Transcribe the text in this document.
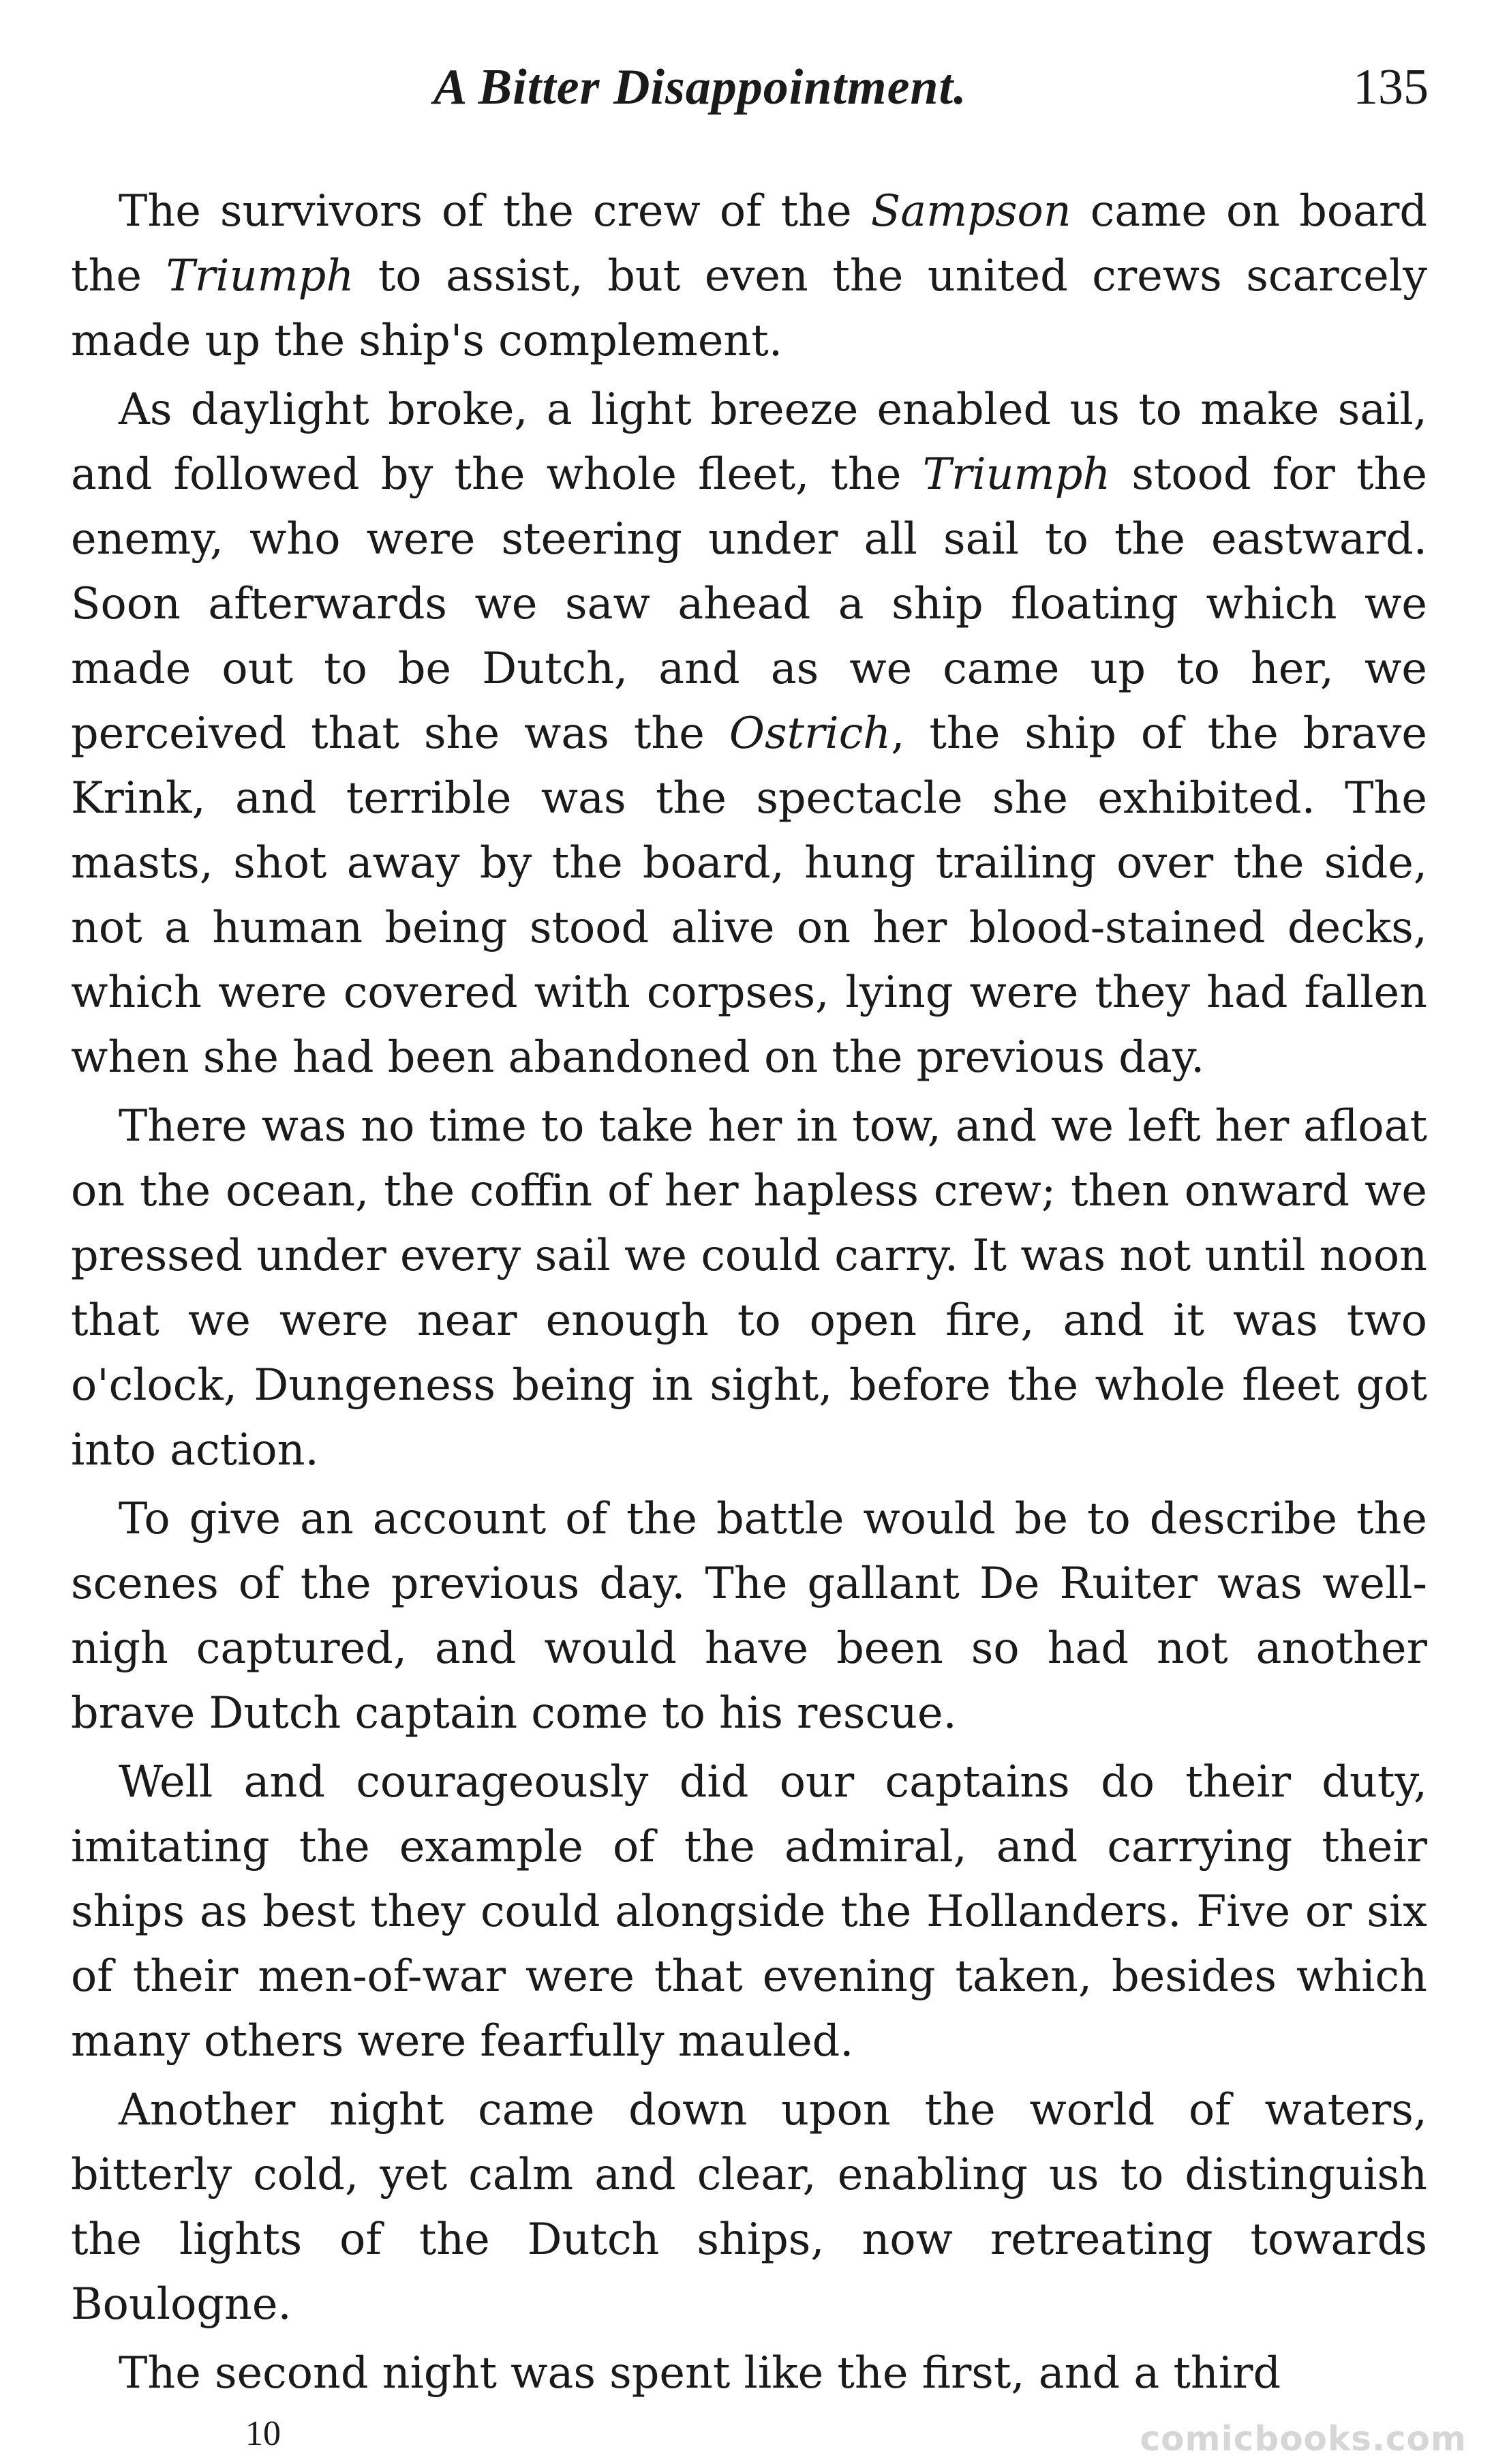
A Bitter Disappointment.	135

The survivors of the crew of the Sampson came on board the Triumph to assist, but even the united crews scarcely made up the ship's complement.

As daylight broke, a light breeze enabled us to make sail, and followed by the whole fleet, the Triumph stood for the enemy, who were steering under all sail to the eastward. Soon afterwards we saw ahead a ship floating which we made out to be Dutch, and as we came up to her, we perceived that she was the Ostrich, the ship of the brave Krink, and terrible was the spectacle she exhibited. The masts, shot away by the board, hung trailing over the side, not a human being stood alive on her blood-stained decks, which were covered with corpses, lying were they had fallen when she had been abandoned on the previous day.

There was no time to take her in tow, and we left her afloat on the ocean, the coffin of her hapless crew; then onward we pressed under every sail we could carry. It was not until noon that we were near enough to open fire, and it was two o'clock, Dungeness being in sight, before the whole fleet got into action.

To give an account of the battle would be to describe the scenes of the previous day. The gallant De Ruiter was well-nigh captured, and would have been so had not another brave Dutch captain come to his rescue.

Well and courageously did our captains do their duty, imitating the example of the admiral, and carrying their ships as best they could alongside the Hollanders. Five or six of their men-of-war were that evening taken, besides which many others were fearfully mauled.

Another night came down upon the world of waters, bitterly cold, yet calm and clear, enabling us to distinguish the lights of the Dutch ships, now retreating towards Boulogne.

The second night was spent like the first, and a third

10	comicbooks.com
